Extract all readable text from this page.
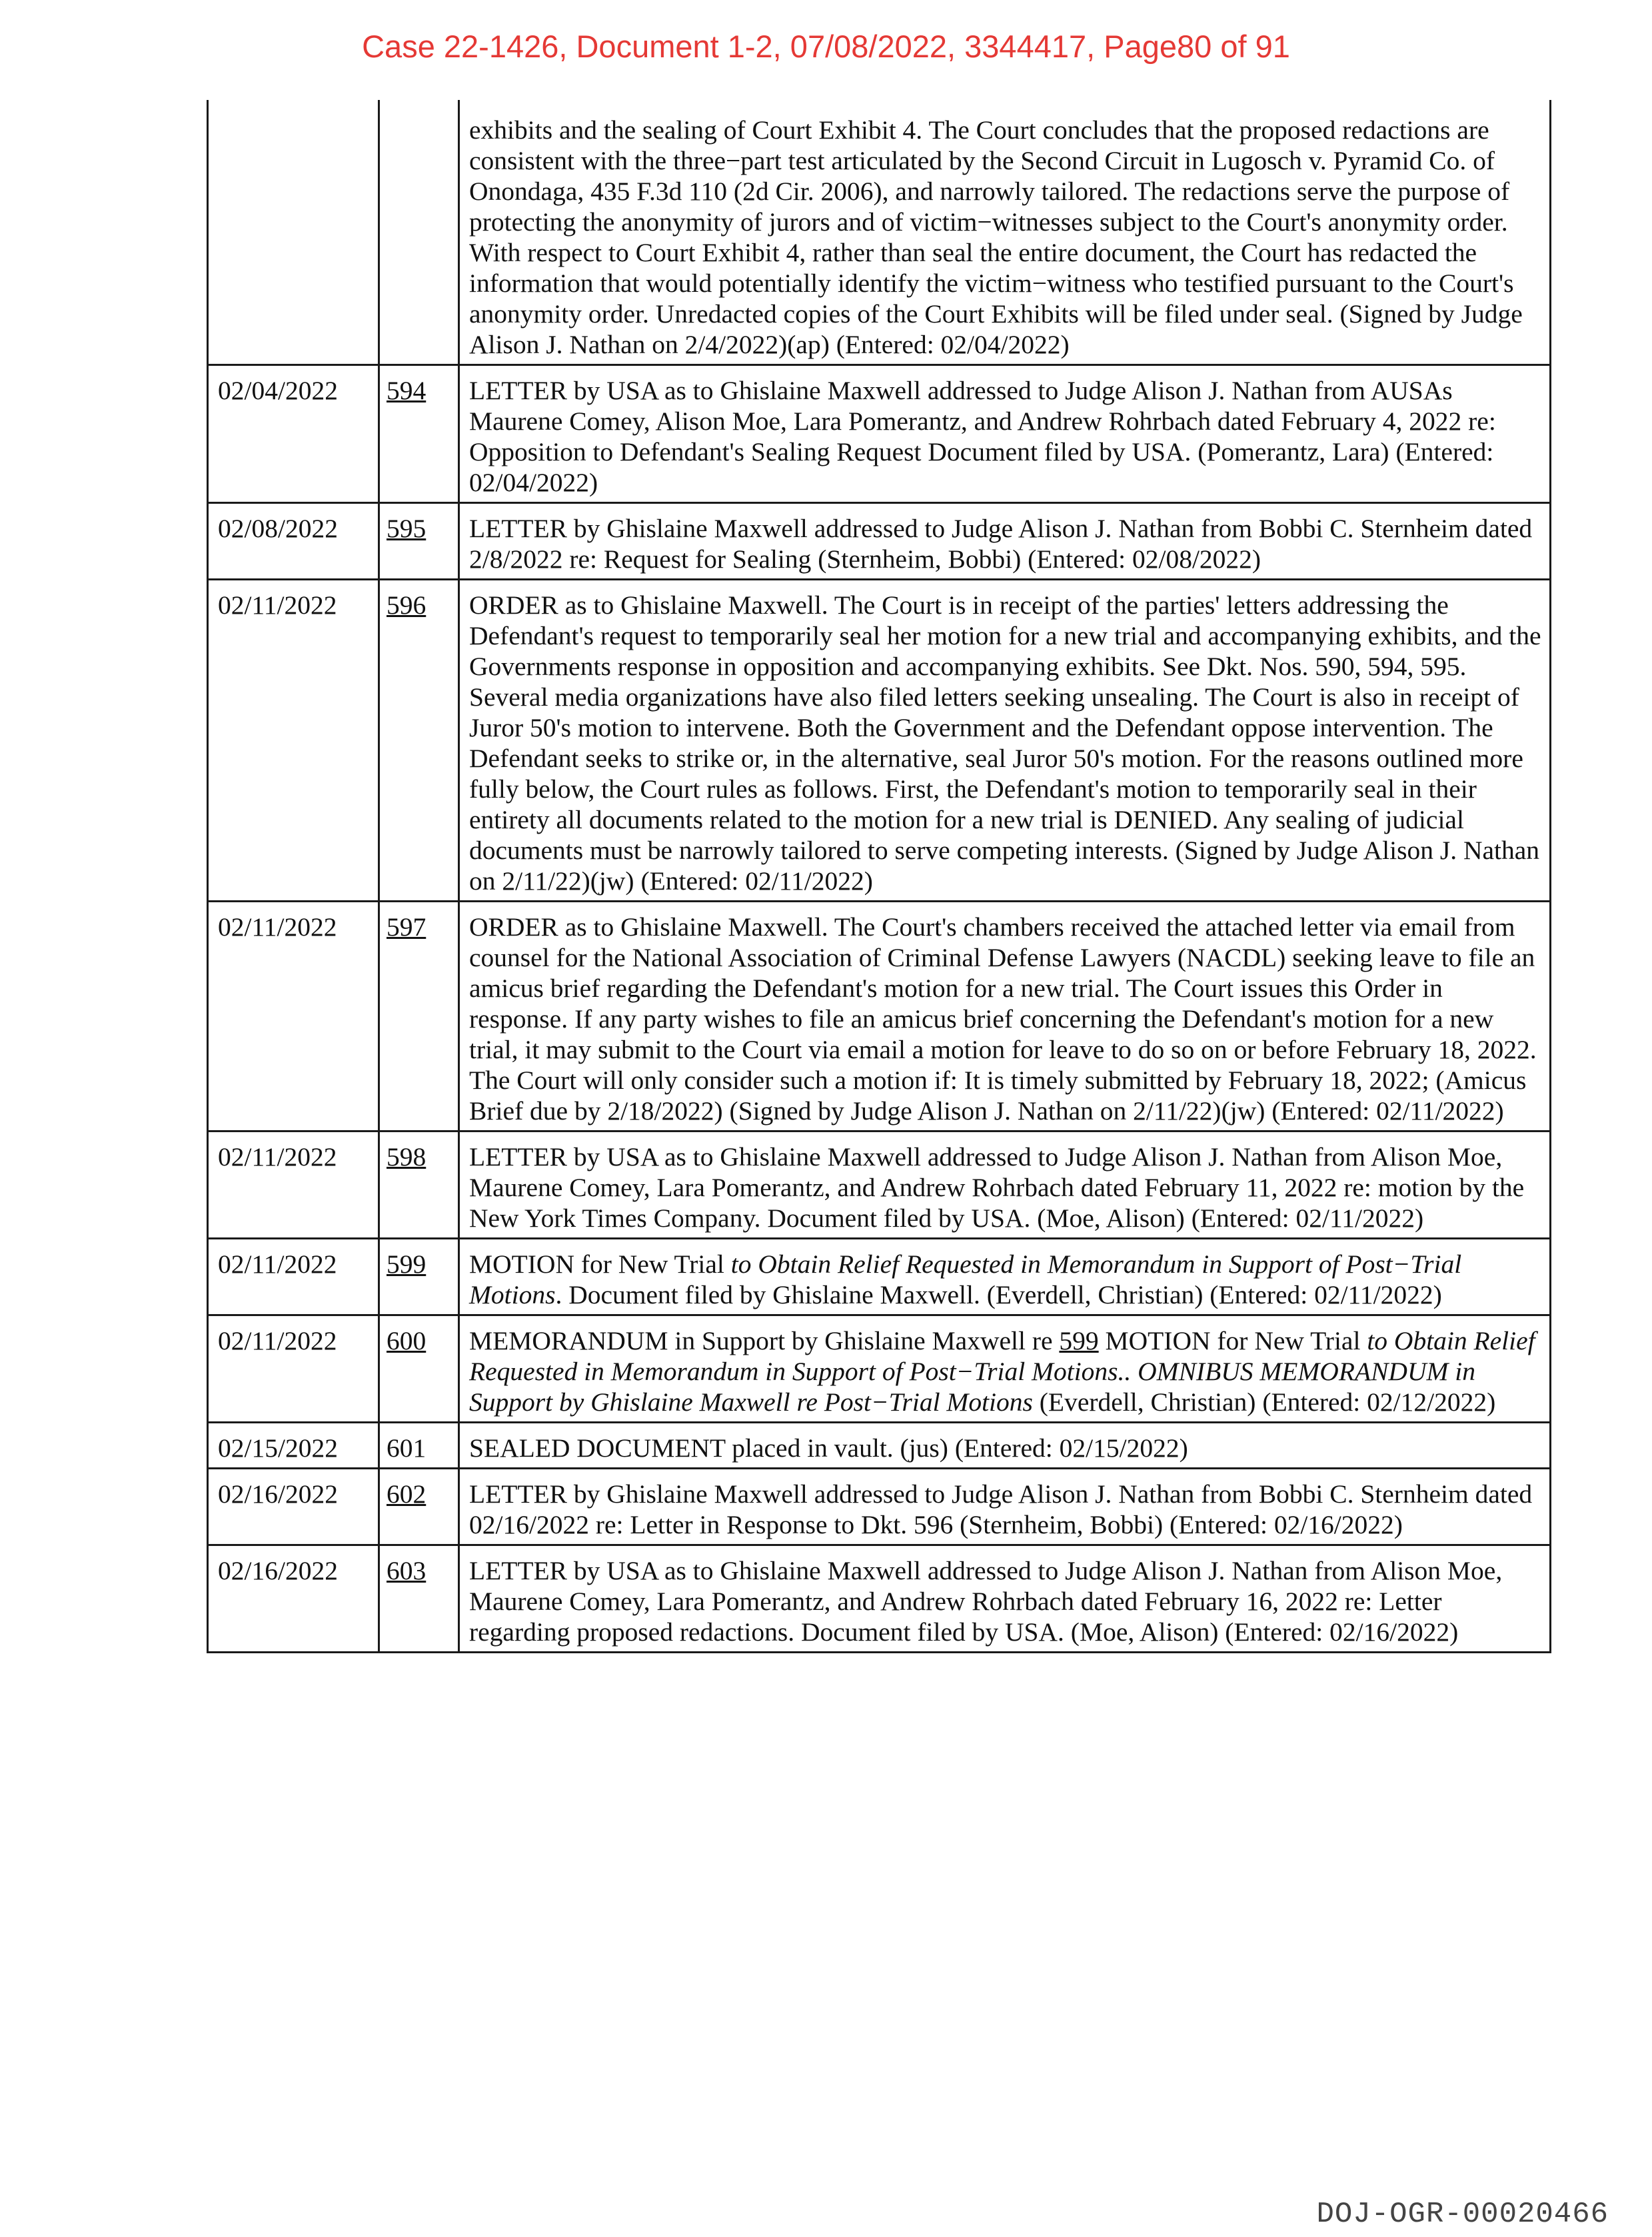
Case 22-1426, Document 1-2, 07/08/2022, 3344417, Page80 of 91
		exhibits and the sealing of Court Exhibit 4. The Court concludes that the proposed redactions are consistent with the three−part test articulated by the Second Circuit in Lugosch v. Pyramid Co. of Onondaga, 435 F.3d 110 (2d Cir. 2006), and narrowly tailored. The redactions serve the purpose of protecting the anonymity of jurors and of victim−witnesses subject to the Court's anonymity order. With respect to Court Exhibit 4, rather than seal the entire document, the Court has redacted the information that would potentially identify the victim−witness who testified pursuant to the Court's anonymity order. Unredacted copies of the Court Exhibits will be filed under seal. (Signed by Judge Alison J. Nathan on 2/4/2022)(ap) (Entered: 02/04/2022)
02/04/2022	594	LETTER by USA as to Ghislaine Maxwell addressed to Judge Alison J. Nathan from AUSAs Maurene Comey, Alison Moe, Lara Pomerantz, and Andrew Rohrbach dated February 4, 2022 re: Opposition to Defendant's Sealing Request Document filed by USA. (Pomerantz, Lara) (Entered: 02/04/2022)
02/08/2022	595	LETTER by Ghislaine Maxwell addressed to Judge Alison J. Nathan from Bobbi C. Sternheim dated 2/8/2022 re: Request for Sealing (Sternheim, Bobbi) (Entered: 02/08/2022)
02/11/2022	596	ORDER as to Ghislaine Maxwell. The Court is in receipt of the parties' letters addressing the Defendant's request to temporarily seal her motion for a new trial and accompanying exhibits, and the Governments response in opposition and accompanying exhibits. See Dkt. Nos. 590, 594, 595. Several media organizations have also filed letters seeking unsealing. The Court is also in receipt of Juror 50's motion to intervene. Both the Government and the Defendant oppose intervention. The Defendant seeks to strike or, in the alternative, seal Juror 50's motion. For the reasons outlined more fully below, the Court rules as follows. First, the Defendant's motion to temporarily seal in their entirety all documents related to the motion for a new trial is DENIED. Any sealing of judicial documents must be narrowly tailored to serve competing interests. (Signed by Judge Alison J. Nathan on 2/11/22)(jw) (Entered: 02/11/2022)
02/11/2022	597	ORDER as to Ghislaine Maxwell. The Court's chambers received the attached letter via email from counsel for the National Association of Criminal Defense Lawyers (NACDL) seeking leave to file an amicus brief regarding the Defendant's motion for a new trial. The Court issues this Order in response. If any party wishes to file an amicus brief concerning the Defendant's motion for a new trial, it may submit to the Court via email a motion for leave to do so on or before February 18, 2022. The Court will only consider such a motion if: It is timely submitted by February 18, 2022; (Amicus Brief due by 2/18/2022) (Signed by Judge Alison J. Nathan on 2/11/22)(jw) (Entered: 02/11/2022)
02/11/2022	598	LETTER by USA as to Ghislaine Maxwell addressed to Judge Alison J. Nathan from Alison Moe, Maurene Comey, Lara Pomerantz, and Andrew Rohrbach dated February 11, 2022 re: motion by the New York Times Company. Document filed by USA. (Moe, Alison) (Entered: 02/11/2022)
02/11/2022	599	MOTION for New Trial to Obtain Relief Requested in Memorandum in Support of Post−Trial Motions. Document filed by Ghislaine Maxwell. (Everdell, Christian) (Entered: 02/11/2022)
02/11/2022	600	MEMORANDUM in Support by Ghislaine Maxwell re 599 MOTION for New Trial to Obtain Relief Requested in Memorandum in Support of Post−Trial Motions.. OMNIBUS MEMORANDUM in Support by Ghislaine Maxwell re Post−Trial Motions (Everdell, Christian) (Entered: 02/12/2022)
02/15/2022	601	SEALED DOCUMENT placed in vault. (jus) (Entered: 02/15/2022)
02/16/2022	602	LETTER by Ghislaine Maxwell addressed to Judge Alison J. Nathan from Bobbi C. Sternheim dated 02/16/2022 re: Letter in Response to Dkt. 596 (Sternheim, Bobbi) (Entered: 02/16/2022)
02/16/2022	603	LETTER by USA as to Ghislaine Maxwell addressed to Judge Alison J. Nathan from Alison Moe, Maurene Comey, Lara Pomerantz, and Andrew Rohrbach dated February 16, 2022 re: Letter regarding proposed redactions. Document filed by USA. (Moe, Alison) (Entered: 02/16/2022)
DOJ-OGR-00020466
